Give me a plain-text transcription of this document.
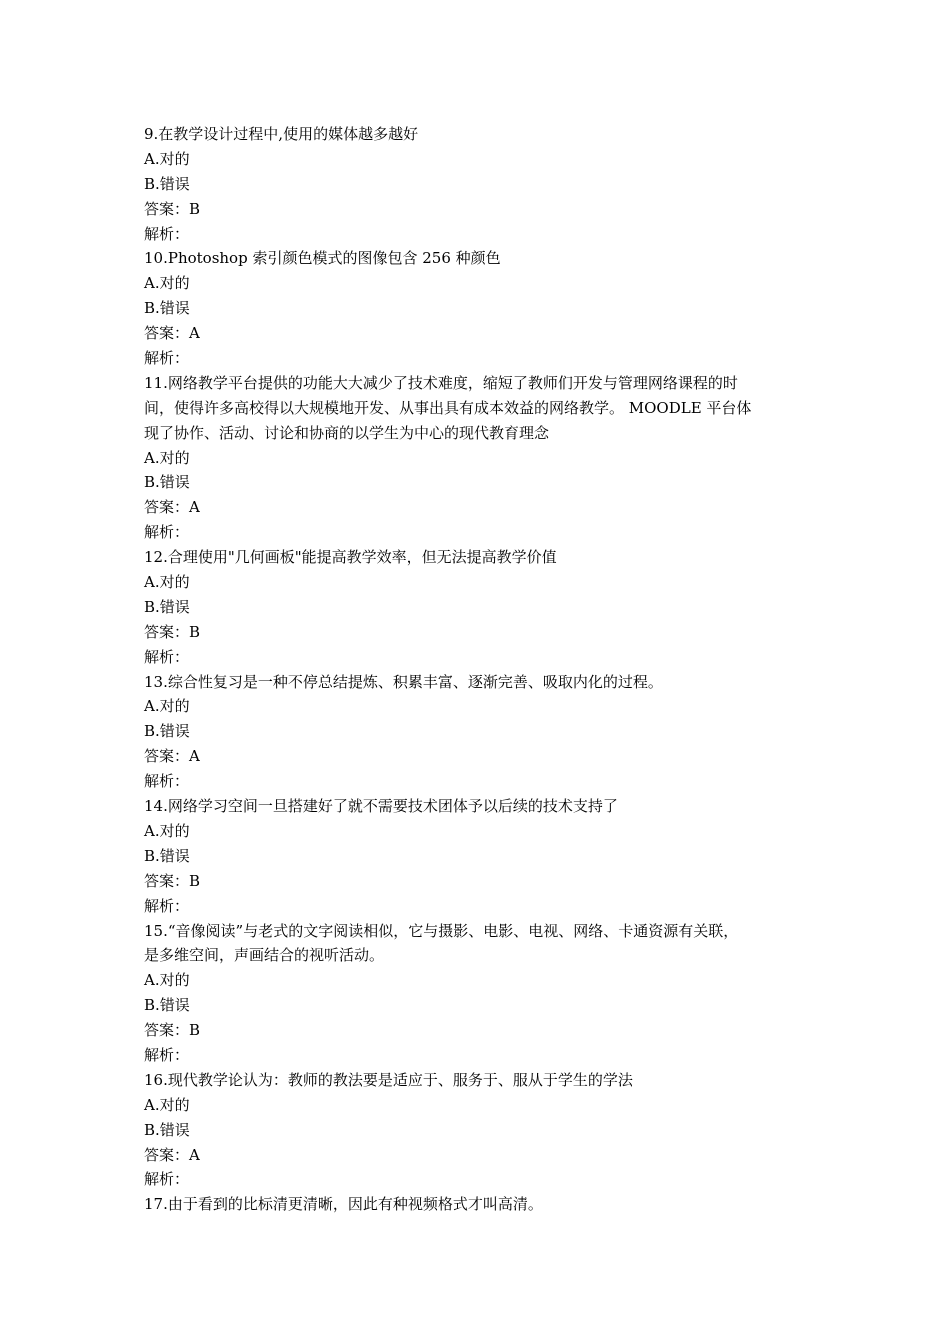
9.在教学设计过程中,使用的媒体越多越好
A.对的
B.错误
答案：B
解析：
10.Photoshop 索引颜色模式的图像包含 256 种颜色
A.对的
B.错误
答案：A
解析：
11.网络教学平台提供的功能大大减少了技术难度，缩短了教师们开发与管理网络课程的时
间，使得许多高校得以大规模地开发、从事出具有成本效益的网络教学。 MOODLE 平台体
现了协作、活动、讨论和协商的以学生为中心的现代教育理念
A.对的
B.错误
答案：A
解析：
12.合理使用"几何画板"能提高教学效率，但无法提高教学价值
A.对的
B.错误
答案：B
解析：
13.综合性复习是一种不停总结提炼、积累丰富、逐渐完善、吸取内化的过程。
A.对的
B.错误
答案：A
解析：
14.网络学习空间一旦搭建好了就不需要技术团体予以后续的技术支持了
A.对的
B.错误
答案：B
解析：
15.“音像阅读”与老式的文字阅读相似，它与摄影、电影、电视、网络、卡通资源有关联，
是多维空间，声画结合的视听活动。
A.对的
B.错误
答案：B
解析：
16.现代教学论认为：教师的教法要是适应于、服务于、服从于学生的学法
A.对的
B.错误
答案：A
解析：
17.由于看到的比标清更清晰，因此有种视频格式才叫高清。
